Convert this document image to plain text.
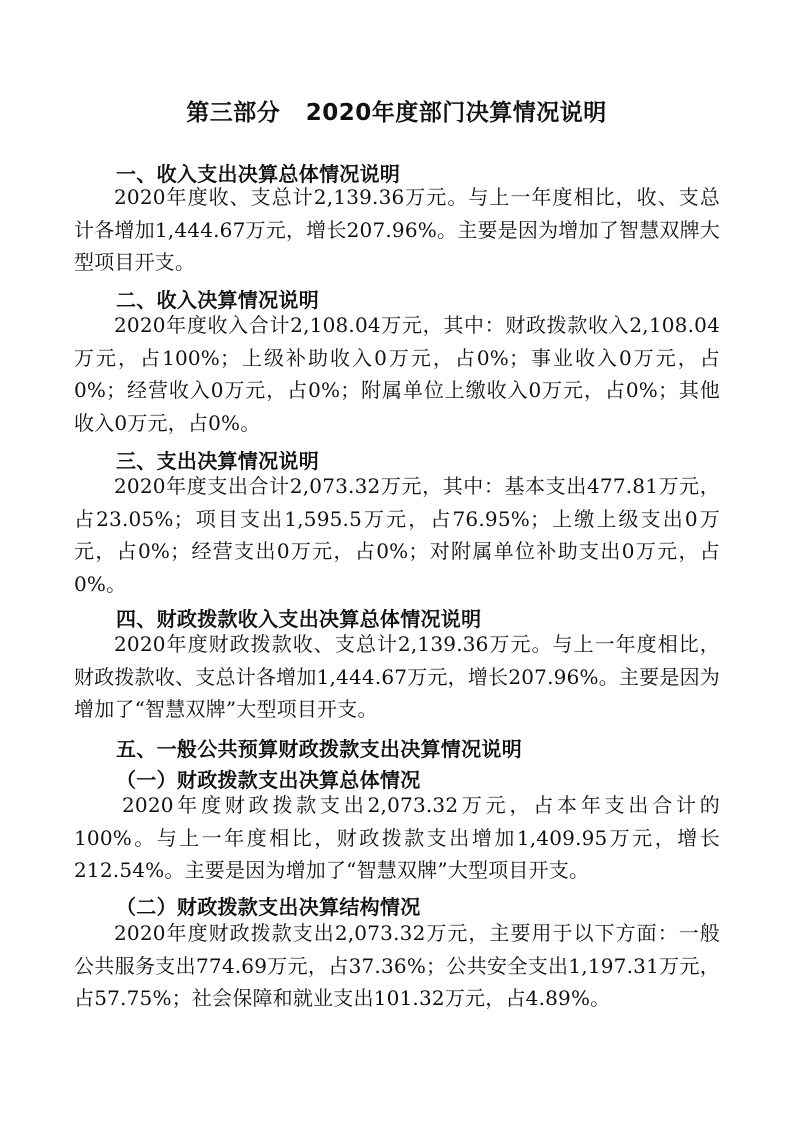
第三部分   2020年度部门决算情况说明
一、收入支出决算总体情况说明
2020年度收、支总计2,139.36万元。与上一年度相比，收、支总计各增加1,444.67万元，增长207.96%。主要是因为增加了智慧双牌大型项目开支。
二、收入决算情况说明
2020年度收入合计2,108.04万元，其中：财政拨款收入2,108.04万元，占100%；上级补助收入0万元，占0%；事业收入0万元，占0%；经营收入0万元，占0%；附属单位上缴收入0万元，占0%；其他收入0万元，占0%。
三、支出决算情况说明
2020年度支出合计2,073.32万元，其中：基本支出477.81万元，占23.05%；项目支出1,595.5万元，占76.95%；上缴上级支出0万元，占0%；经营支出0万元，占0%；对附属单位补助支出0万元，占0%。
四、财政拨款收入支出决算总体情况说明
2020年度财政拨款收、支总计2,139.36万元。与上一年度相比，财政拨款收、支总计各增加1,444.67万元，增长207.96%。主要是因为增加了“智慧双牌”大型项目开支。
五、一般公共预算财政拨款支出决算情况说明
（一）财政拨款支出决算总体情况
2020年度财政拨款支出2,073.32万元，占本年支出合计的100%。与上一年度相比，财政拨款支出增加1,409.95万元，增长212.54%。主要是因为增加了“智慧双牌”大型项目开支。
（二）财政拨款支出决算结构情况
2020年度财政拨款支出2,073.32万元，主要用于以下方面：一般公共服务支出774.69万元，占37.36%；公共安全支出1,197.31万元，占57.75%；社会保障和就业支出101.32万元，占4.89%。
